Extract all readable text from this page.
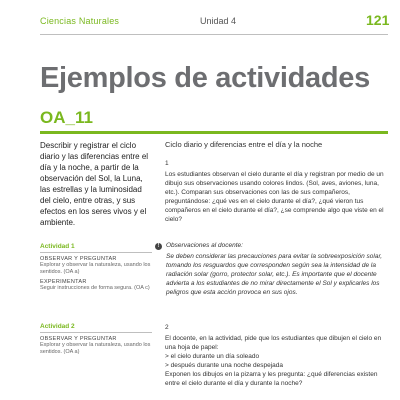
Ciencias Naturales	Unidad 4	121
Ejemplos de actividades
OA_11

Describir y registrar el ciclo diario y las diferencias entre el día y la noche, a partir de la observación del Sol, la Luna, las estrellas y la luminosidad del cielo, entre otras, y sus efectos en los seres vivos y el ambiente.

Actividad 1
OBSERVAR Y PREGUNTAR
Explorar y observar la naturaleza, usando los sentidos. (OA a)
EXPERIMENTAR
Seguir instrucciones de forma segura. (OA c)
Actividad 2
OBSERVAR Y PREGUNTAR
Explorar y observar la naturaleza, usando los sentidos. (OA a)
Ciclo diario y diferencias entre el día y la noche
1

Los estudiantes observan el cielo durante el día y registran por medio de un dibujo sus observaciones usando colores lindos. (Sol, aves, aviones, luna, etc.). Comparan sus observaciones con las de sus compañeros, preguntándose: ¿qué ves en el cielo durante el día?, ¿qué vieron tus compañeros en el cielo durante el día?, ¿se comprende algo que viste en el cielo?

!	Observaciones al docente:

Se deben considerar las precauciones para evitar la sobreexposición solar, tomando los resguardos que corresponden según sea la intensidad de la radiación solar (gorro, protector solar, etc.). Es importante que el docente advierta a los estudiantes de no mirar directamente el Sol y explicarles los peligros que esta acción provoca en sus ojos.

2

El docente, en la actividad, pide que los estudiantes que dibujen el cielo en una hoja de papel:

> el cielo durante un día soleado

> después durante una noche despejada

Exponen los dibujos en la pizarra y les pregunta: ¿qué diferencias existen entre el cielo durante el día y durante la noche?
